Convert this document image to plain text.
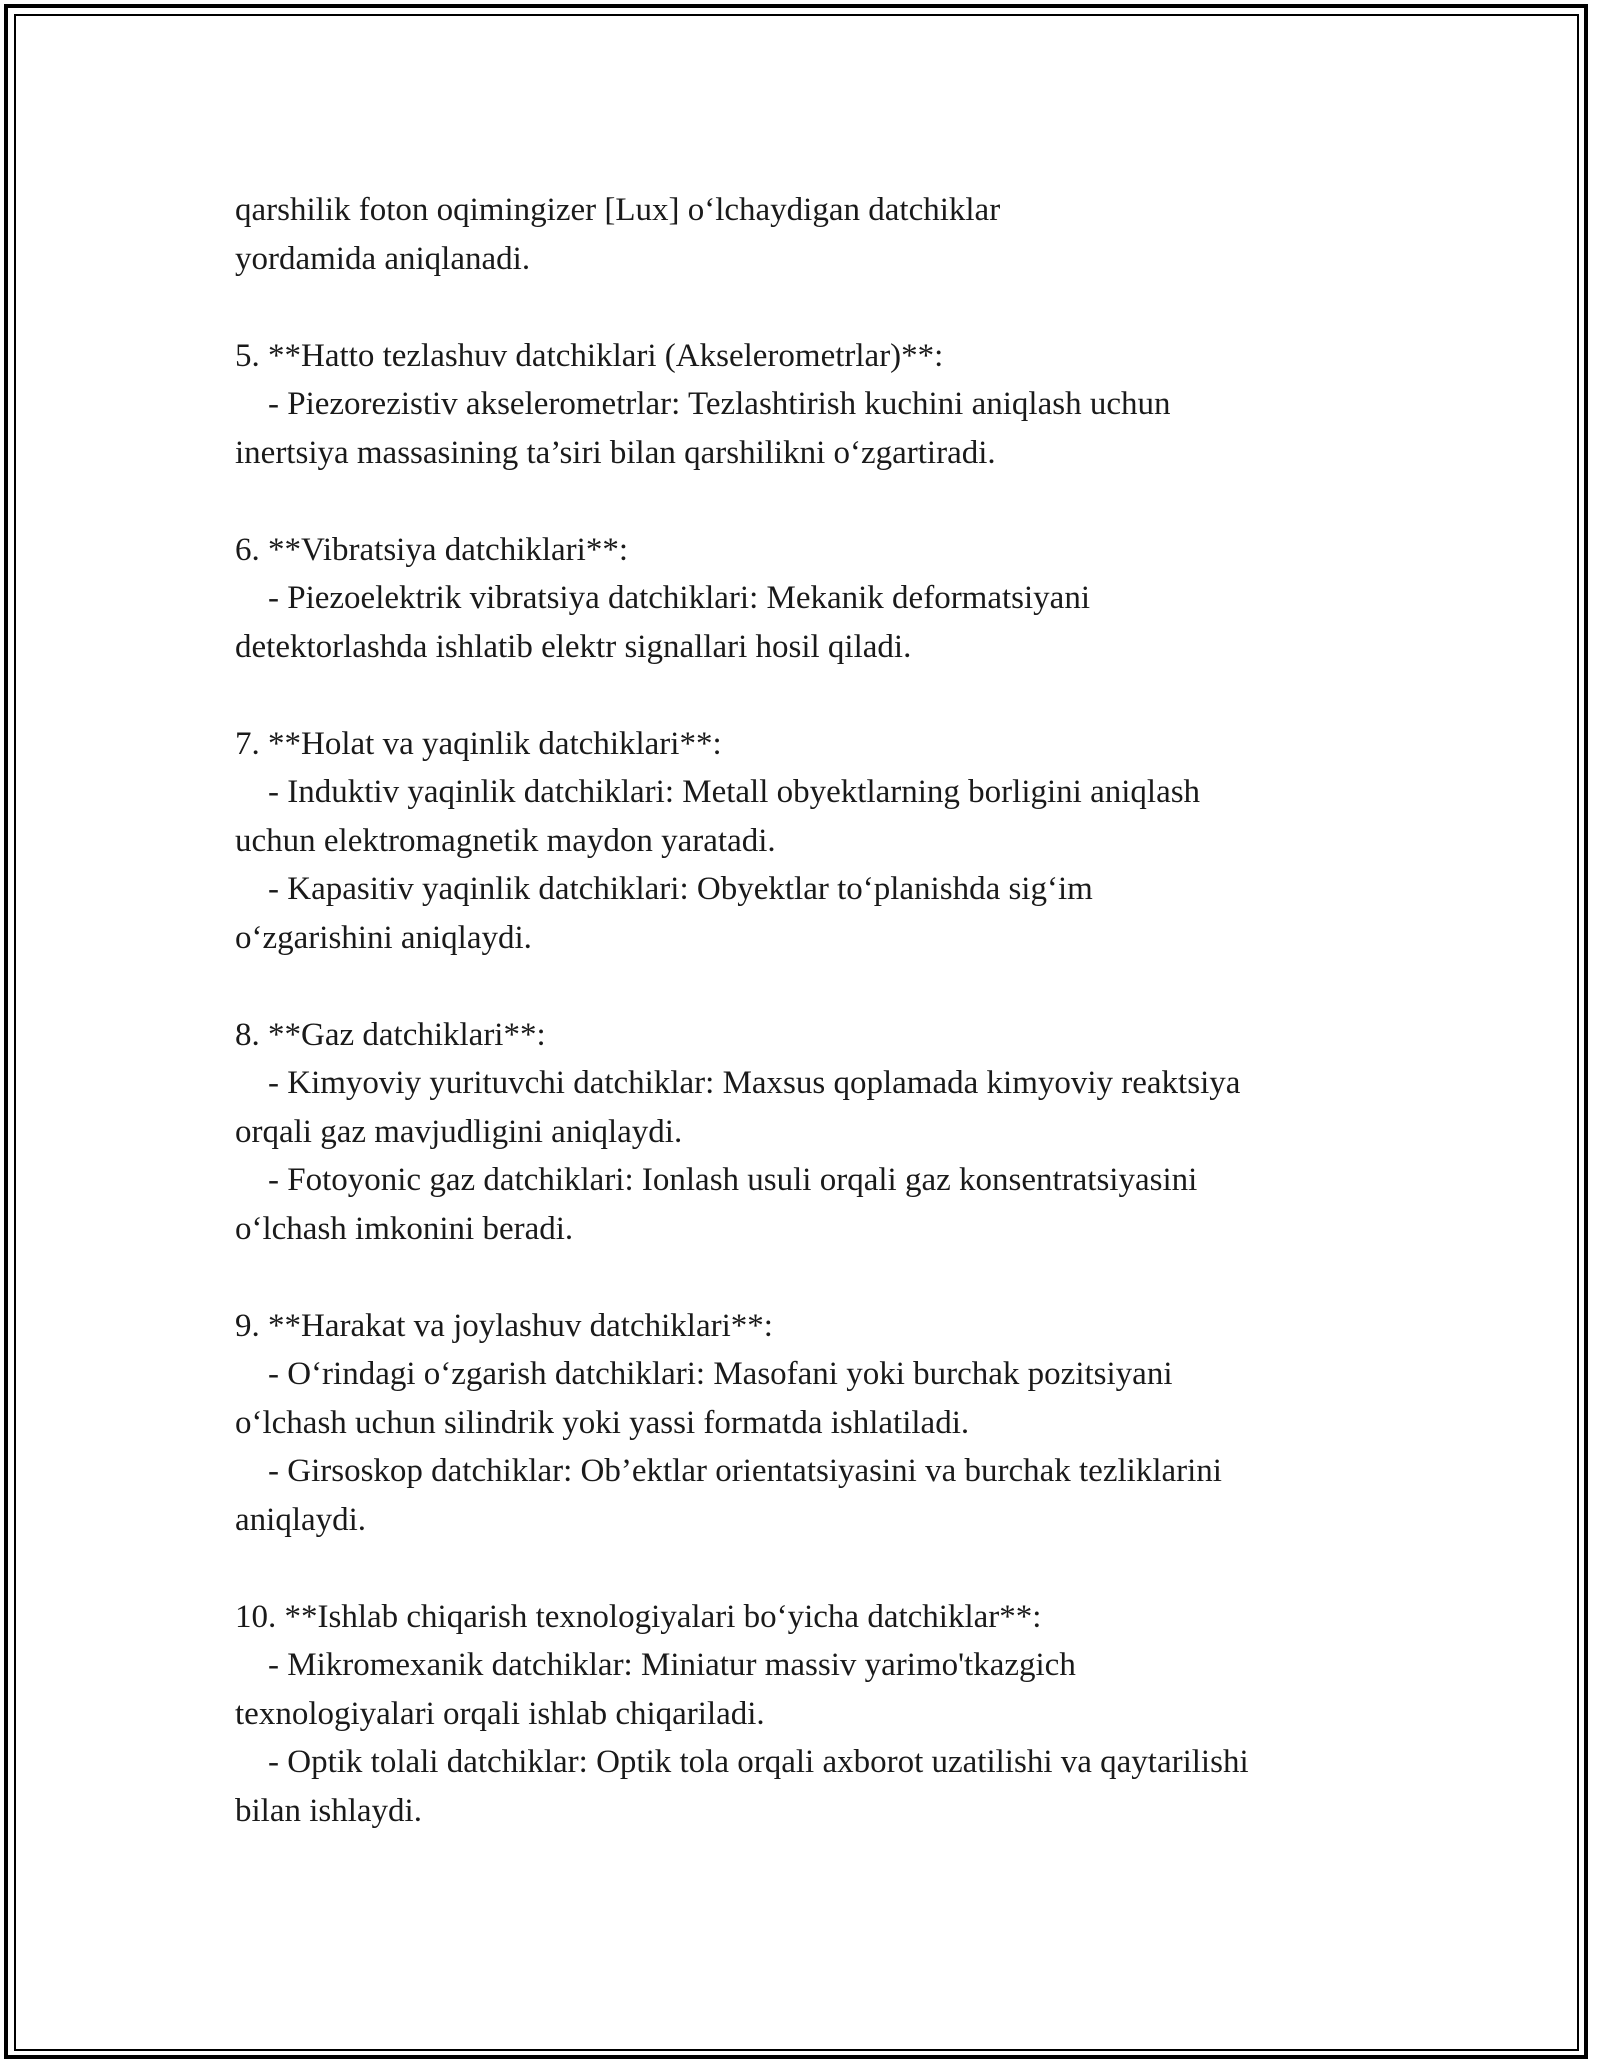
qarshilik foton oqimingizer [Lux] o‘lchaydigan datchiklar
yordamida aniqlanadi.
5. **Hatto tezlashuv datchiklari (Akselerometrlar)**:
- Piezorezistiv akselerometrlar: Tezlashtirish kuchini aniqlash uchun
inertsiya massasining ta’siri bilan qarshilikni o‘zgartiradi.
6. **Vibratsiya datchiklari**:
- Piezoelektrik vibratsiya datchiklari: Mekanik deformatsiyani
detektorlashda ishlatib elektr signallari hosil qiladi.
7. **Holat va yaqinlik datchiklari**:
- Induktiv yaqinlik datchiklari: Metall obyektlarning borligini aniqlash
uchun elektromagnetik maydon yaratadi.
- Kapasitiv yaqinlik datchiklari: Obyektlar to‘planishda sig‘im
o‘zgarishini aniqlaydi.
8. **Gaz datchiklari**:
- Kimyoviy yurituvchi datchiklar: Maxsus qoplamada kimyoviy reaktsiya
orqali gaz mavjudligini aniqlaydi.
- Fotoyonic gaz datchiklari: Ionlash usuli orqali gaz konsentratsiyasini
o‘lchash imkonini beradi.
9. **Harakat va joylashuv datchiklari**:
- O‘rindagi o‘zgarish datchiklari: Masofani yoki burchak pozitsiyani
o‘lchash uchun silindrik yoki yassi formatda ishlatiladi.
- Girsoskop datchiklar: Ob’ektlar orientatsiyasini va burchak tezliklarini
aniqlaydi.
10. **Ishlab chiqarish texnologiyalari bo‘yicha datchiklar**:
- Mikromexanik datchiklar: Miniatur massiv yarimo'tkazgich
texnologiyalari orqali ishlab chiqariladi.
- Optik tolali datchiklar: Optik tola orqali axborot uzatilishi va qaytarilishi
bilan ishlaydi.
